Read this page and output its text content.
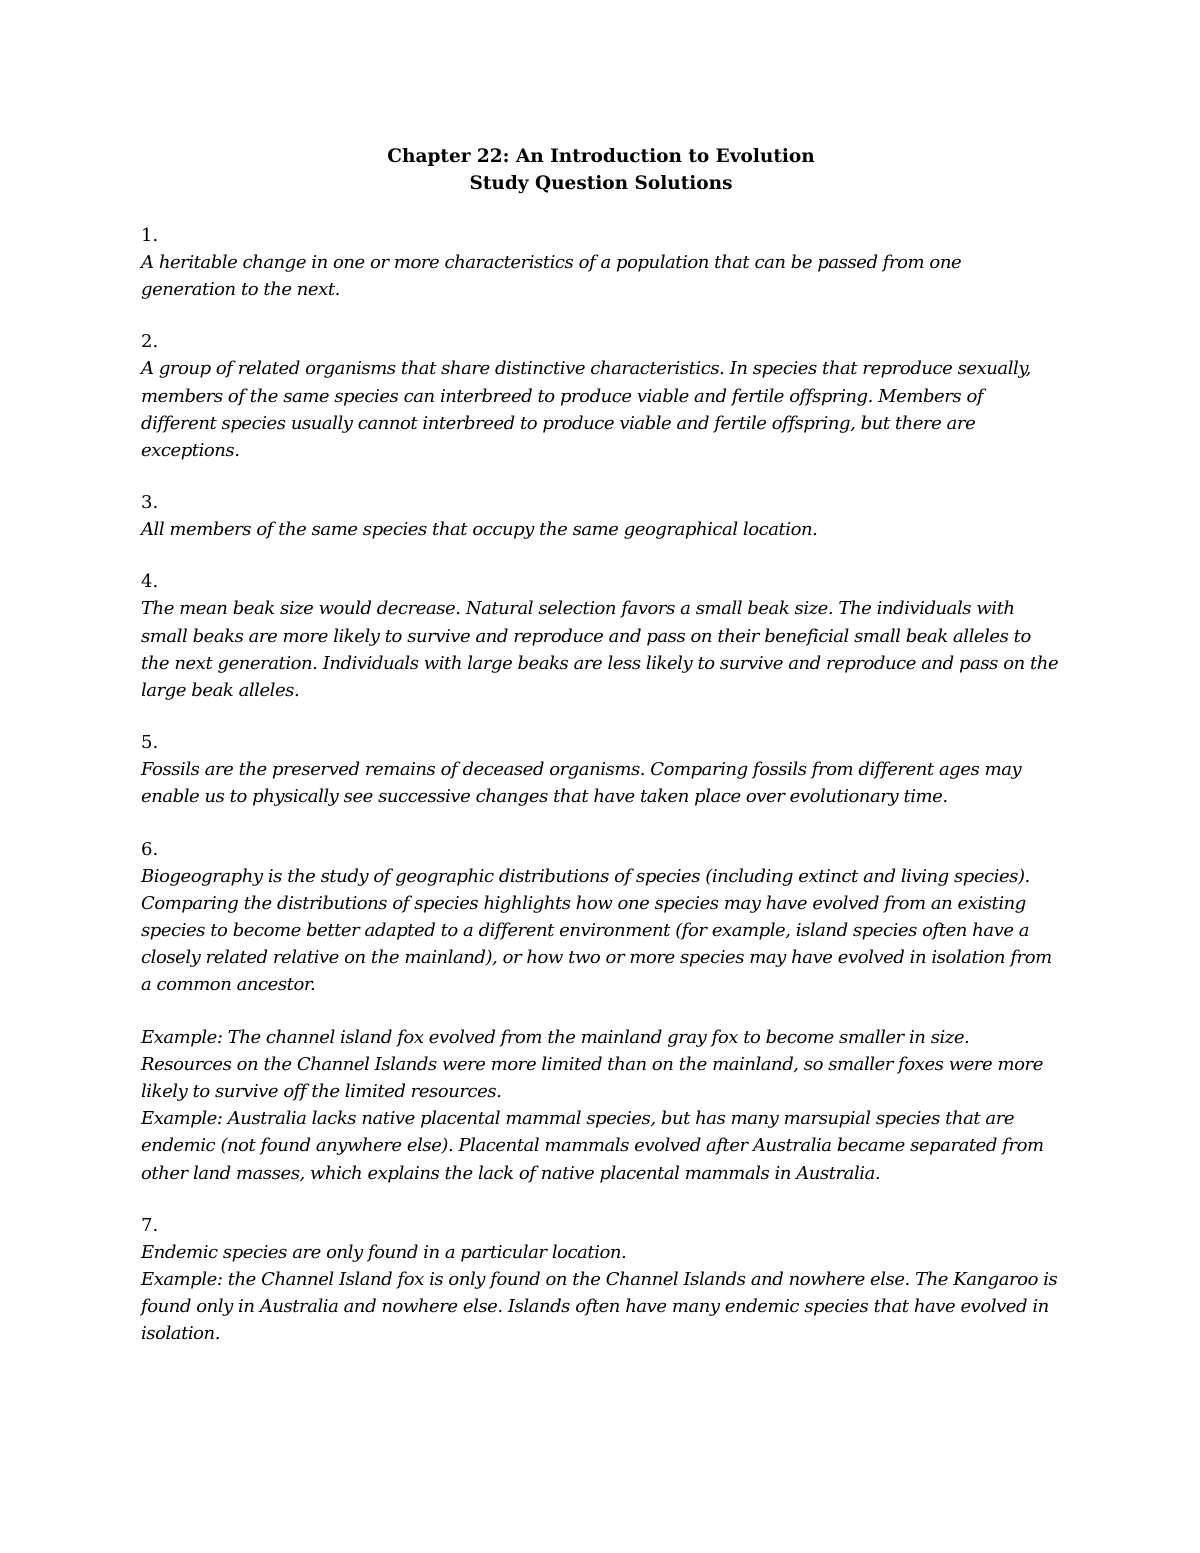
Chapter 22: An Introduction to Evolution
Study Question Solutions
1.

A heritable change in one or more characteristics of a population that can be passed from one generation to the next.

2.

A group of related organisms that share distinctive characteristics. In species that reproduce sexually, members of the same species can interbreed to produce viable and fertile offspring. Members of different species usually cannot interbreed to produce viable and fertile offspring, but there are exceptions.

3.

All members of the same species that occupy the same geographical location.

4.

The mean beak size would decrease. Natural selection favors a small beak size. The individuals with small beaks are more likely to survive and reproduce and pass on their beneficial small beak alleles to the next generation. Individuals with large beaks are less likely to survive and reproduce and pass on the large beak alleles.

5.

Fossils are the preserved remains of deceased organisms. Comparing fossils from different ages may enable us to physically see successive changes that have taken place over evolutionary time.

6.

Biogeography is the study of geographic distributions of species (including extinct and living species). Comparing the distributions of species highlights how one species may have evolved from an existing species to become better adapted to a different environment (for example, island species often have a closely related relative on the mainland), or how two or more species may have evolved in isolation from a common ancestor.

Example: The channel island fox evolved from the mainland gray fox to become smaller in size. Resources on the Channel Islands were more limited than on the mainland, so smaller foxes were more likely to survive off the limited resources.

Example: Australia lacks native placental mammal species, but has many marsupial species that are endemic (not found anywhere else). Placental mammals evolved after Australia became separated from other land masses, which explains the lack of native placental mammals in Australia.

7.

Endemic species are only found in a particular location.

Example: the Channel Island fox is only found on the Channel Islands and nowhere else. The Kangaroo is found only in Australia and nowhere else. Islands often have many endemic species that have evolved in isolation.
